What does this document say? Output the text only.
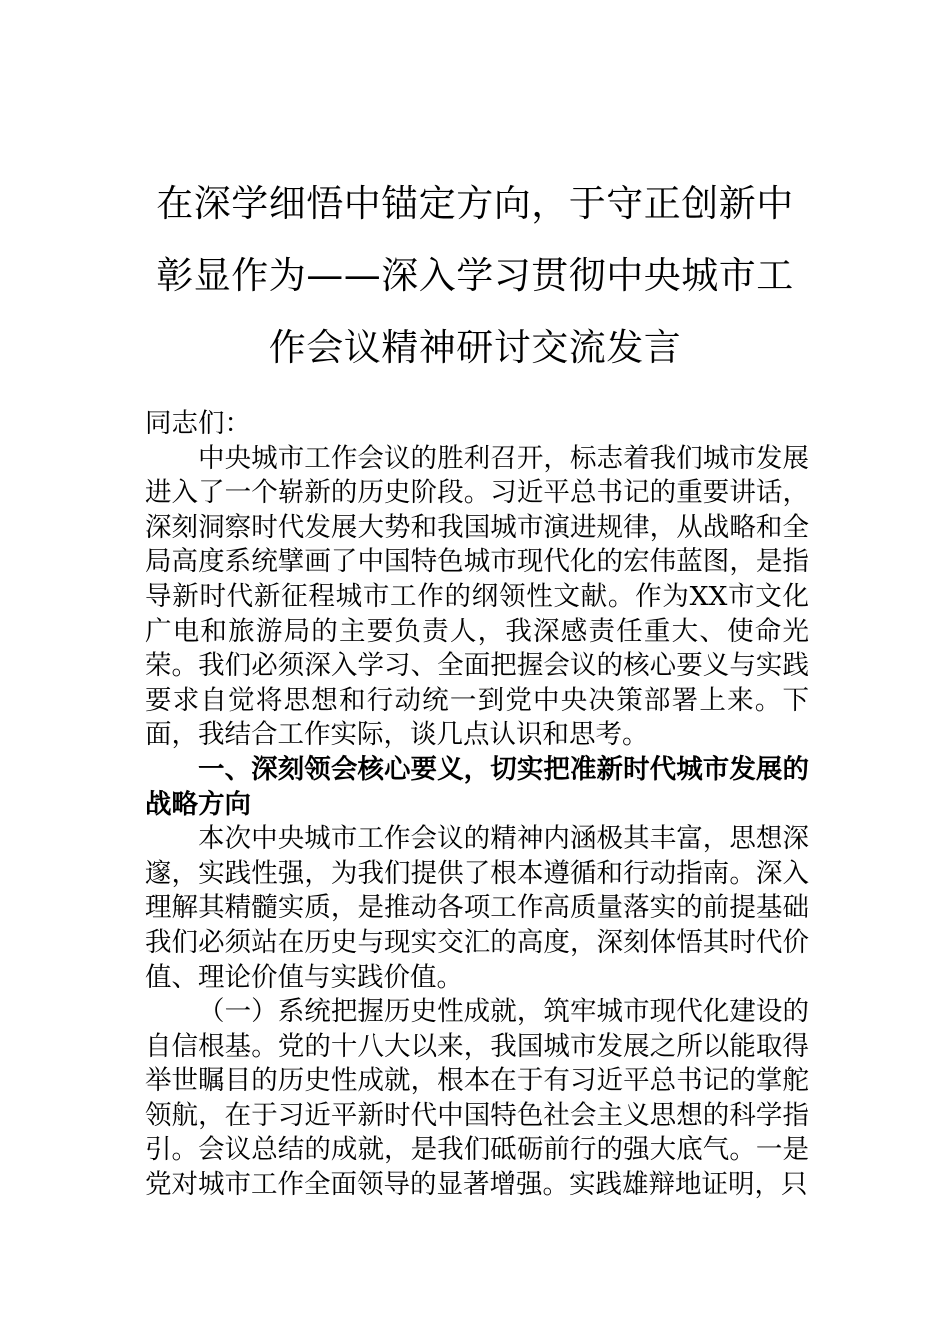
在深学细悟中锚定方向，于守正创新中彰显作为——深入学习贯彻中央城市工作会议精神研讨交流发言

同志们：

中央城市工作会议的胜利召开，标志着我们城市发展进入了一个崭新的历史阶段。习近平总书记的重要讲话，深刻洞察时代发展大势和我国城市演进规律，从战略和全局高度系统擘画了中国特色城市现代化的宏伟蓝图，是指导新时代新征程城市工作的纲领性文献。作为XX市文化广电和旅游局的主要负责人，我深感责任重大、使命光荣。我们必须深入学习、全面把握会议的核心要义与实践要求自觉将思想和行动统一到党中央决策部署上来。下面，我结合工作实际，谈几点认识和思考。

一、深刻领会核心要义，切实把准新时代城市发展的战略方向

本次中央城市工作会议的精神内涵极其丰富，思想深邃，实践性强，为我们提供了根本遵循和行动指南。深入理解其精髓实质，是推动各项工作高质量落实的前提基础我们必须站在历史与现实交汇的高度，深刻体悟其时代价值、理论价值与实践价值。

（一）系统把握历史性成就，筑牢城市现代化建设的自信根基。党的十八大以来，我国城市发展之所以能取得举世瞩目的历史性成就，根本在于有习近平总书记的掌舵领航，在于习近平新时代中国特色社会主义思想的科学指引。会议总结的成就，是我们砥砺前行的强大底气。一是党对城市工作全面领导的显著增强。实践雄辩地证明，只
